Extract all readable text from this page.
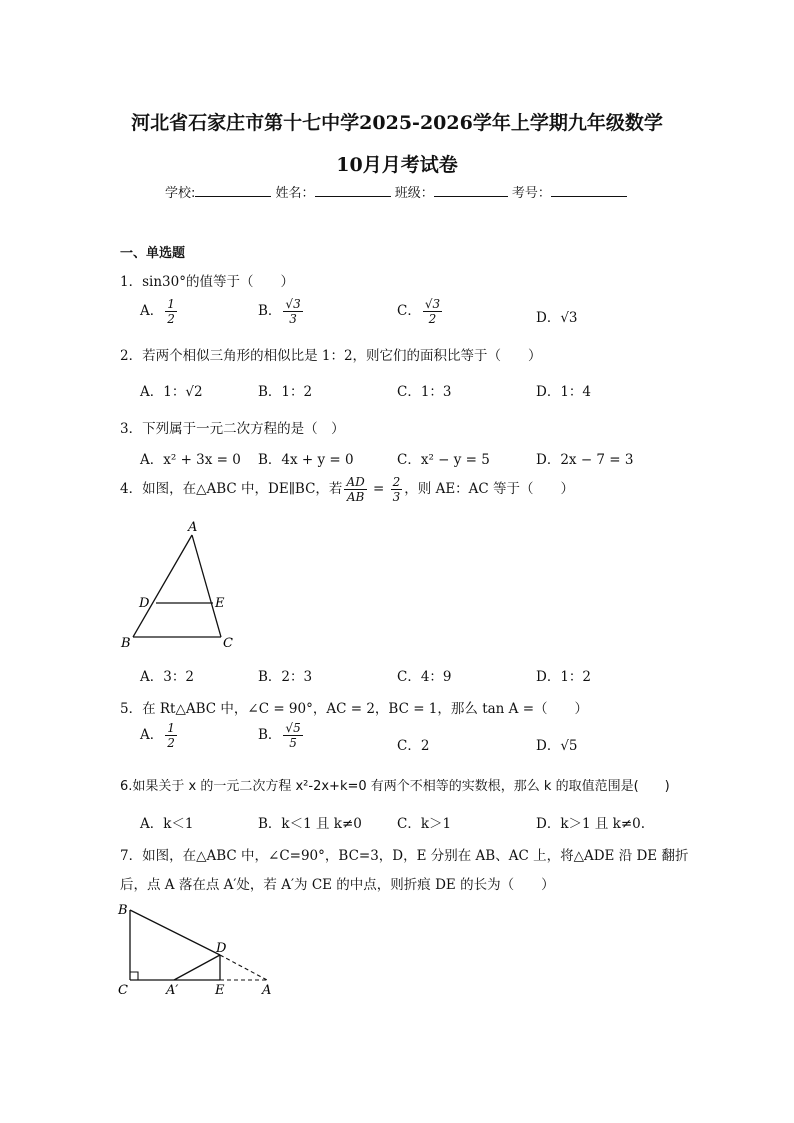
河北省石家庄市第十七中学2025-2026学年上学期九年级数学
10月月考试卷
学校:	姓名：	班级：	考号：
一、单选题
1．sin30°的值等于（　　）
A． $\frac{1}{2}$	B． $\frac{√3}{3}$	C． $\frac{√3}{2}$	D．√3
2．若两个相似三角形的相似比是 1：2，则它们的面积比等于（　　）
A．1：√2	B．1：2	C．1：3	D．1：4
3．下列属于一元二次方程的是（　）
A．x² + 3x = 0 B．4x + y = 0	C．x² − y = 5	D．2x − 7 = 3
4．如图，在△ABC 中，DE∥BC，若 $\frac{AD}{AB} = \frac{2}{3}$ ，则 AE：AC 等于（　　）
A
D	E
B	C
A．3：2	B．2：3	C．4：9	D．1：2
5．在 Rt△ABC 中，∠C = 90°，AC = 2，BC = 1，那么 tan A =（　　）
A． $\frac{1}{2}$	B． $\frac{√5}{5}$	C．2	D．√5
6.如果关于 x 的一元二次方程 x²-2x+k=0 有两个不相等的实数根，那么 k 的取值范围是(　　)
A．k＜1	B．k＜1 且 k≠0	C．k＞1	D．k＞1 且 k≠0.
7．如图，在△ABC 中，∠C=90°，BC=3，D，E 分别在 AB、AC 上，将△ADE 沿 DE 翻折
后，点 A 落在点 A′处，若 A′为 CE 的中点，则折痕 DE 的长为（　　）
B
D
C	A′	E	A
